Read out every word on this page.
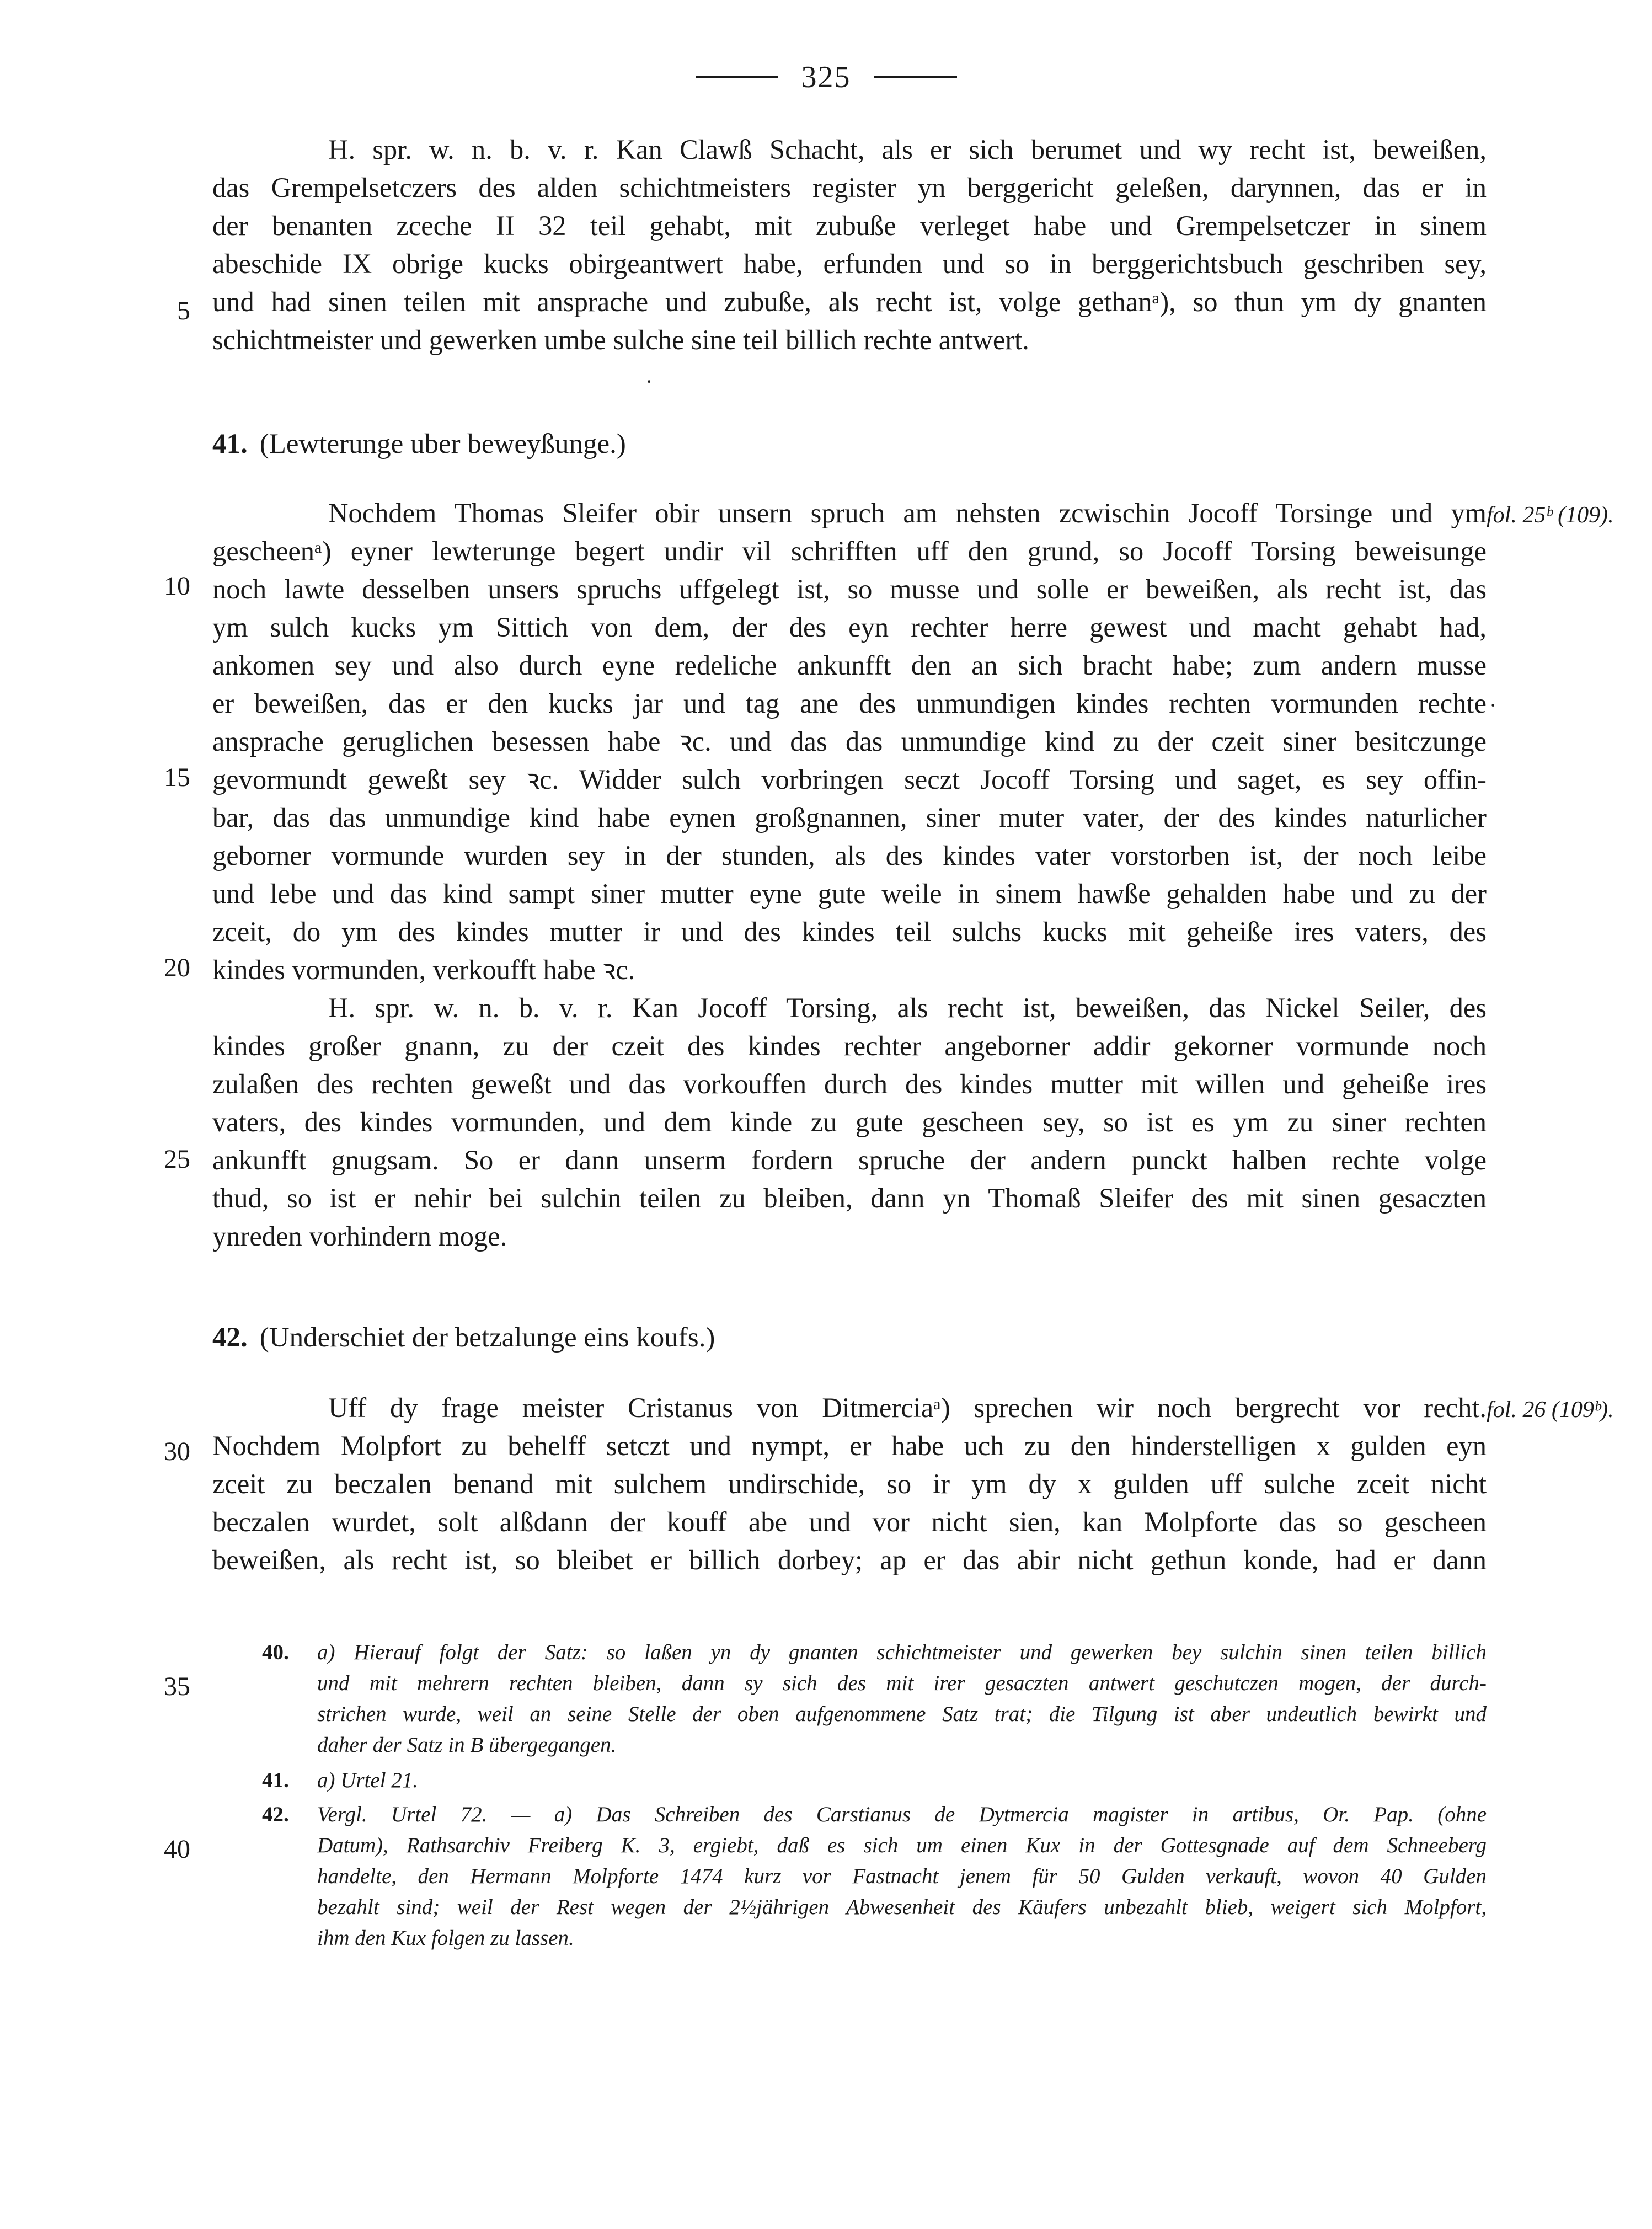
325
H. spr. w. n. b. v. r. Kan Clawß Schacht, als er sich berumet und wy recht ist, beweißen,
das Grempelsetczers des alden schichtmeisters register yn berggericht geleßen, darynnen, das er in
der benanten zceche II 32 teil gehabt, mit zubuße verleget habe und Grempelsetczer in sinem
abeschide IX obrige kucks obirgeantwert habe, erfunden und so in berggerichtsbuch geschriben sey,
und had sinen teilen mit ansprache und zubuße, als recht ist, volge gethanᵃ), so thun ym dy gnanten
schichtmeister und gewerken umbe sulche sine teil billich rechte antwert.
·
41. (Lewterunge uber beweyßunge.)
Nochdem Thomas Sleifer obir unsern spruch am nehsten zcwischin Jocoff Torsinge und ym
gescheenᵃ) eyner lewterunge begert undir vil schrifften uff den grund, so Jocoff Torsing beweisunge
noch lawte desselben unsers spruchs uffgelegt ist, so musse und solle er beweißen, als recht ist, das
ym sulch kucks ym Sittich von dem, der des eyn rechter herre gewest und macht gehabt had,
ankomen sey und also durch eyne redeliche ankunfft den an sich bracht habe; zum andern musse
er beweißen, das er den kucks jar und tag ane des unmundigen kindes rechten vormunden rechte
ansprache geruglichen besessen habe ꝛc. und das das unmundige kind zu der czeit siner besitczunge
gevormundt geweßt sey ꝛc. Widder sulch vorbringen seczt Jocoff Torsing und saget, es sey offin-
bar, das das unmundige kind habe eynen großgnannen, siner muter vater, der des kindes naturlicher
geborner vormunde wurden sey in der stunden, als des kindes vater vorstorben ist, der noch leibe
und lebe und das kind sampt siner mutter eyne gute weile in sinem hawße gehalden habe und zu der
zceit, do ym des kindes mutter ir und des kindes teil sulchs kucks mit geheiße ires vaters, des
kindes vormunden, verkoufft habe ꝛc.
H. spr. w. n. b. v. r. Kan Jocoff Torsing, als recht ist, beweißen, das Nickel Seiler, des
kindes großer gnann, zu der czeit des kindes rechter angeborner addir gekorner vormunde noch
zulaßen des rechten geweßt und das vorkouffen durch des kindes mutter mit willen und geheiße ires
vaters, des kindes vormunden, und dem kinde zu gute gescheen sey, so ist es ym zu siner rechten
ankunfft gnugsam. So er dann unserm fordern spruche der andern punckt halben rechte volge
thud, so ist er nehir bei sulchin teilen zu bleiben, dann yn Thomaß Sleifer des mit sinen gesaczten
ynreden vorhindern moge.
fol. 25ᵇ (109).
·
42. (Underschiet der betzalunge eins koufs.)
Uff dy frage meister Cristanus von Ditmerciaᵃ) sprechen wir noch bergrecht vor recht.
Nochdem Molpfort zu behelff setczt und nympt, er habe uch zu den hinderstelligen x gulden eyn
zceit zu beczalen benand mit sulchem undirschide, so ir ym dy x gulden uff sulche zceit nicht
beczalen wurdet, solt alßdann der kouff abe und vor nicht sien, kan Molpforte das so gescheen
beweißen, als recht ist, so bleibet er billich dorbey; ap er das abir nicht gethun konde, had er dann
fol. 26 (109ᵇ).
5
10
15
20
25
30
35
40
40. a) Hierauf folgt der Satz: so laßen yn dy gnanten schichtmeister und gewerken bey sulchin sinen teilen billich
und mit mehrern rechten bleiben, dann sy sich des mit irer gesaczten antwert geschutczen mogen, der durch-
strichen wurde, weil an seine Stelle der oben aufgenommene Satz trat; die Tilgung ist aber undeutlich bewirkt und
daher der Satz in B übergegangen.
41. a) Urtel 21.
42. Vergl. Urtel 72. — a) Das Schreiben des Carstianus de Dytmercia magister in artibus, Or. Pap. (ohne
Datum), Rathsarchiv Freiberg K. 3, ergiebt, daß es sich um einen Kux in der Gottesgnade auf dem Schneeberg
handelte, den Hermann Molpforte 1474 kurz vor Fastnacht jenem für 50 Gulden verkauft, wovon 40 Gulden
bezahlt sind; weil der Rest wegen der 2½jährigen Abwesenheit des Käufers unbezahlt blieb, weigert sich Molpfort,
ihm den Kux folgen zu lassen.
